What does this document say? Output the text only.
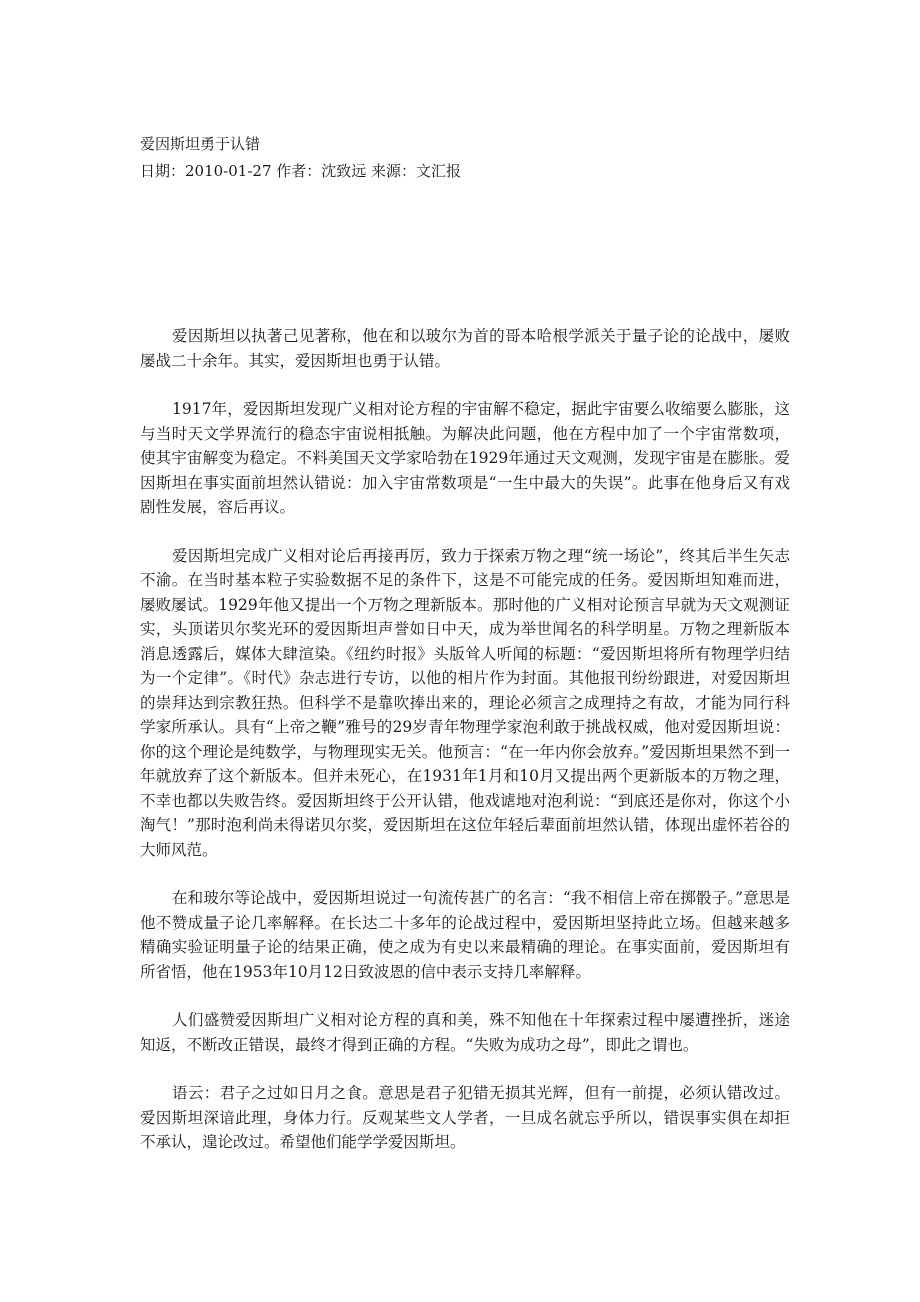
爱因斯坦勇于认错
日期：2010-01-27 作者：沈致远 来源：文汇报

爱因斯坦以执著己见著称，他在和以玻尔为首的哥本哈根学派关于量子论的论战中，屡败屡战二十余年。其实，爱因斯坦也勇于认错。

1917年，爱因斯坦发现广义相对论方程的宇宙解不稳定，据此宇宙要么收缩要么膨胀，这与当时天文学界流行的稳态宇宙说相抵触。为解决此问题，他在方程中加了一个宇宙常数项，使其宇宙解变为稳定。不料美国天文学家哈勃在1929年通过天文观测，发现宇宙是在膨胀。爱因斯坦在事实面前坦然认错说：加入宇宙常数项是“一生中最大的失误”。此事在他身后又有戏剧性发展，容后再议。

爱因斯坦完成广义相对论后再接再厉，致力于探索万物之理“统一场论”，终其后半生矢志不渝。在当时基本粒子实验数据不足的条件下，这是不可能完成的任务。爱因斯坦知难而进，屡败屡试。1929年他又提出一个万物之理新版本。那时他的广义相对论预言早就为天文观测证实，头顶诺贝尔奖光环的爱因斯坦声誉如日中天，成为举世闻名的科学明星。万物之理新版本消息透露后，媒体大肆渲染。《纽约时报》头版耸人听闻的标题：“爱因斯坦将所有物理学归结为一个定律”。《时代》杂志进行专访，以他的相片作为封面。其他报刊纷纷跟进，对爱因斯坦的崇拜达到宗教狂热。但科学不是靠吹捧出来的，理论必须言之成理持之有故，才能为同行科学家所承认。具有“上帝之鞭”雅号的29岁青年物理学家泡利敢于挑战权威，他对爱因斯坦说：你的这个理论是纯数学，与物理现实无关。他预言：“在一年内你会放弃。”爱因斯坦果然不到一年就放弃了这个新版本。但并未死心，在1931年1月和10月又提出两个更新版本的万物之理，不幸也都以失败告终。爱因斯坦终于公开认错，他戏谑地对泡利说：“到底还是你对，你这个小淘气！”那时泡利尚未得诺贝尔奖，爱因斯坦在这位年轻后辈面前坦然认错，体现出虚怀若谷的大师风范。

在和玻尔等论战中，爱因斯坦说过一句流传甚广的名言：“我不相信上帝在掷骰子。”意思是他不赞成量子论几率解释。在长达二十多年的论战过程中，爱因斯坦坚持此立场。但越来越多精确实验证明量子论的结果正确，使之成为有史以来最精确的理论。在事实面前，爱因斯坦有所省悟，他在1953年10月12日致波恩的信中表示支持几率解释。

人们盛赞爱因斯坦广义相对论方程的真和美，殊不知他在十年探索过程中屡遭挫折，迷途知返，不断改正错误，最终才得到正确的方程。“失败为成功之母”，即此之谓也。

语云：君子之过如日月之食。意思是君子犯错无损其光辉，但有一前提，必须认错改过。爱因斯坦深谙此理，身体力行。反观某些文人学者，一旦成名就忘乎所以，错误事实俱在却拒不承认，遑论改过。希望他们能学学爱因斯坦。
